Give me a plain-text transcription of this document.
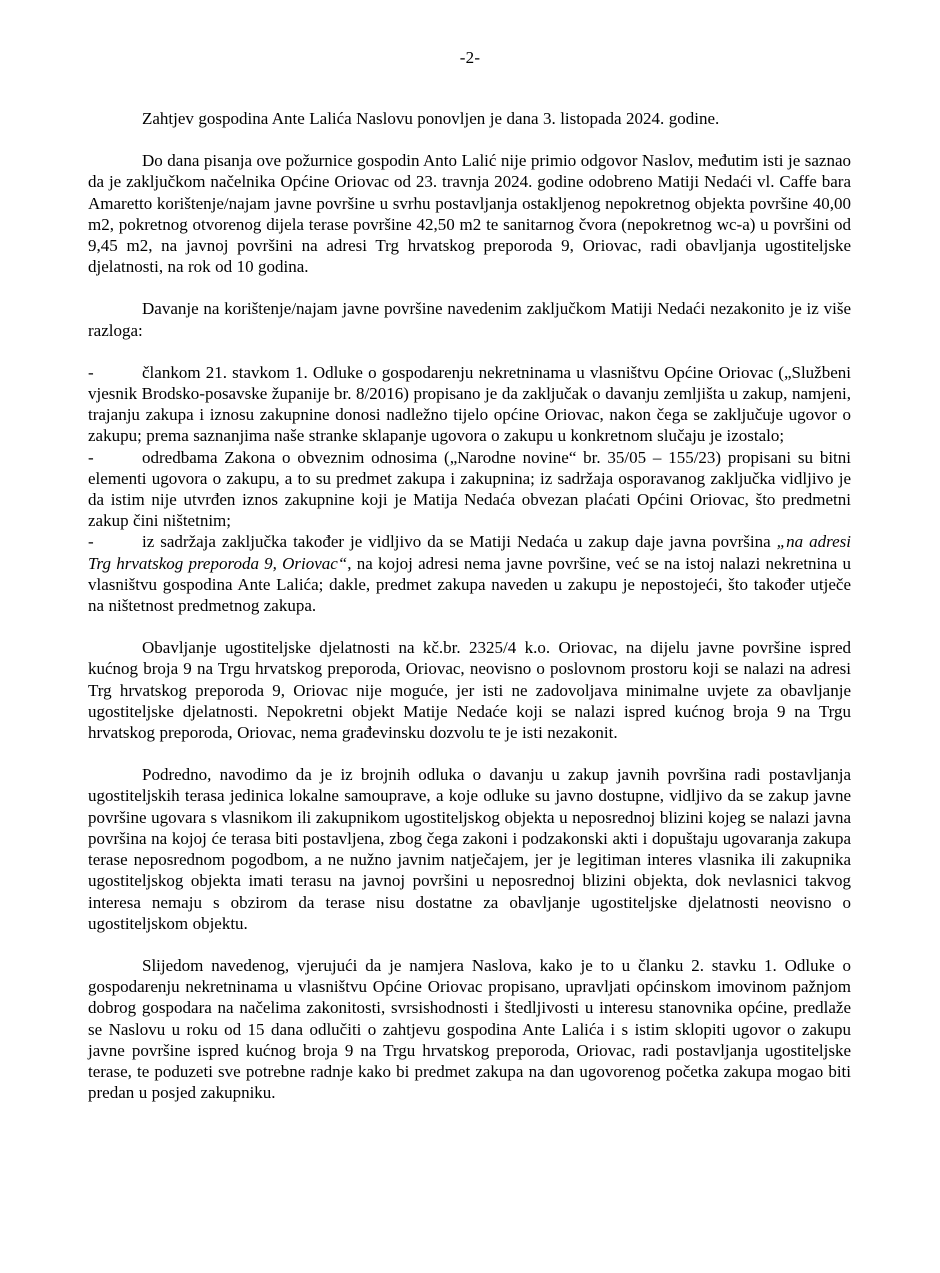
-2-

Zahtjev gospodina Ante Lalića Naslovu ponovljen je dana 3. listopada 2024. godine.

Do dana pisanja ove požurnice gospodin Anto Lalić nije primio odgovor Naslov, međutim isti je saznao da je zaključkom načelnika Općine Oriovac od 23. travnja 2024. godine odobreno Matiji Nedaći vl. Caffe bara Amaretto korištenje/najam javne površine u svrhu postavljanja ostakljenog nepokretnog objekta površine 40,00 m2, pokretnog otvorenog dijela terase površine 42,50 m2 te sanitarnog čvora (nepokretnog wc-a) u površini od 9,45 m2, na javnoj površini na adresi Trg hrvatskog preporoda 9, Oriovac, radi obavljanja ugostiteljske djelatnosti, na rok od 10 godina.

Davanje na korištenje/najam javne površine navedenim zaključkom Matiji Nedaći nezakonito je iz više razloga:

-	člankom 21. stavkom 1. Odluke o gospodarenju nekretninama u vlasništvu Općine Oriovac („Službeni vjesnik Brodsko-posavske županije br. 8/2016) propisano je da zaključak o davanju zemljišta u zakup, namjeni, trajanju zakupa i iznosu zakupnine donosi nadležno tijelo općine Oriovac, nakon čega se zaključuje ugovor o zakupu; prema saznanjima naše stranke sklapanje ugovora o zakupu u konkretnom slučaju je izostalo;

-	odredbama Zakona o obveznim odnosima („Narodne novine“ br. 35/05 – 155/23) propisani su bitni elementi ugovora o zakupu, a to su predmet zakupa i zakupnina; iz sadržaja osporavanog zaključka vidljivo je da istim nije utvrđen iznos zakupnine koji je Matija Nedaća obvezan plaćati Općini Oriovac, što predmetni zakup čini ništetnim;

-	iz sadržaja zaključka također je vidljivo da se Matiji Nedaća u zakup daje javna površina „na adresi Trg hrvatskog preporoda 9, Oriovac“, na kojoj adresi nema javne površine, već se na istoj nalazi nekretnina u vlasništvu gospodina Ante Lalića; dakle, predmet zakupa naveden u zakupu je nepostojeći, što također utječe na ništetnost predmetnog zakupa.

Obavljanje ugostiteljske djelatnosti na kč.br. 2325/4 k.o. Oriovac, na dijelu javne površine ispred kućnog broja 9 na Trgu hrvatskog preporoda, Oriovac, neovisno o poslovnom prostoru koji se nalazi na adresi Trg hrvatskog preporoda 9, Oriovac nije moguće, jer isti ne zadovoljava minimalne uvjete za obavljanje ugostiteljske djelatnosti. Nepokretni objekt Matije Nedaće koji se nalazi ispred kućnog broja 9 na Trgu hrvatskog preporoda, Oriovac, nema građevinsku dozvolu te je isti nezakonit.

Podredno, navodimo da je iz brojnih odluka o davanju u zakup javnih površina radi postavljanja ugostiteljskih terasa jedinica lokalne samouprave, a koje odluke su javno dostupne, vidljivo da se zakup javne površine ugovara s vlasnikom ili zakupnikom ugostiteljskog objekta u neposrednoj blizini kojeg se nalazi javna površina na kojoj će terasa biti postavljena, zbog čega zakoni i podzakonski akti i dopuštaju ugovaranja zakupa terase neposrednom pogodbom, a ne nužno javnim natječajem, jer je legitiman interes vlasnika ili zakupnika ugostiteljskog objekta imati terasu na javnoj površini u neposrednoj blizini objekta, dok nevlasnici takvog interesa nemaju s obzirom da terase nisu dostatne za obavljanje ugostiteljske djelatnosti neovisno o ugostiteljskom objektu.

Slijedom navedenog, vjerujući da je namjera Naslova, kako je to u članku 2. stavku 1. Odluke o gospodarenju nekretninama u vlasništvu Općine Oriovac propisano, upravljati općinskom imovinom pažnjom dobrog gospodara na načelima zakonitosti, svrsishodnosti i štedljivosti u interesu stanovnika općine, predlaže se Naslovu u roku od 15 dana odlučiti o zahtjevu gospodina Ante Lalića i s istim sklopiti ugovor o zakupu javne površine ispred kućnog broja 9 na Trgu hrvatskog preporoda, Oriovac, radi postavljanja ugostiteljske terase, te poduzeti sve potrebne radnje kako bi predmet zakupa na dan ugovorenog početka zakupa mogao biti predan u posjed zakupniku.
